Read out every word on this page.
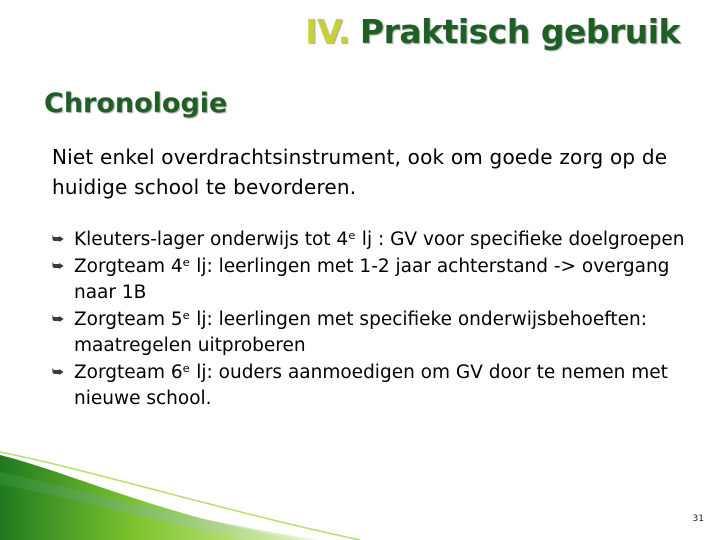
IV. Praktisch gebruik
Chronologie
Niet enkel overdrachtsinstrument, ook om goede zorg op de huidige school te bevorderen.
⮩ Kleuters-lager onderwijs tot 4ᵉ lj : GV voor specifieke doelgroepen
⮩ Zorgteam 4ᵉ lj: leerlingen met 1-2 jaar achterstand -> overgang naar 1B
⮩ Zorgteam 5ᵉ lj: leerlingen met specifieke onderwijsbehoeften: maatregelen uitproberen
⮩ Zorgteam 6ᵉ lj: ouders aanmoedigen om GV door te nemen met nieuwe school.
31
